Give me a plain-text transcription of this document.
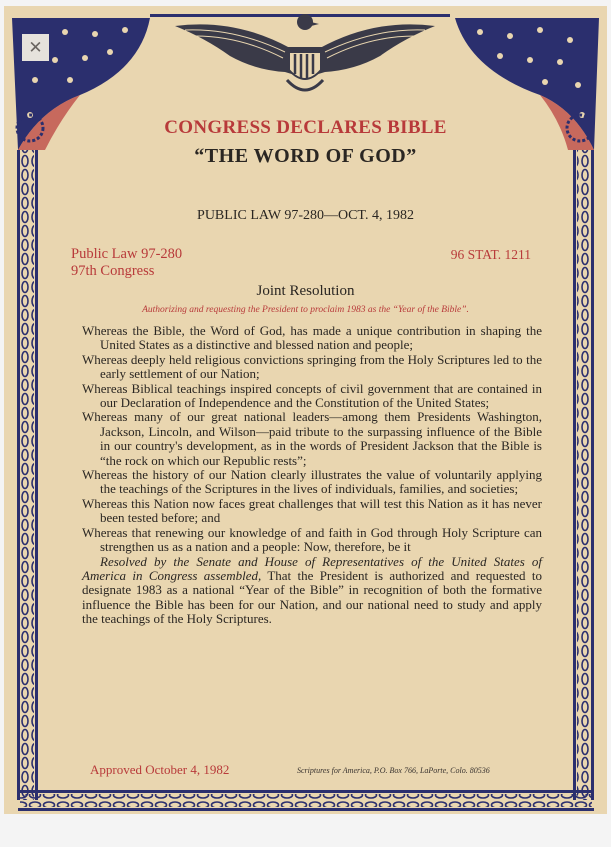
✕
CONGRESS DECLARES BIBLE
“THE WORD OF GOD”
PUBLIC LAW 97-280—OCT. 4, 1982
Public Law 97-280
97th Congress
96 STAT. 1211
Joint Resolution
Authorizing and requesting the President to proclaim 1983 as the “Year of the Bible”.

Whereas the Bible, the Word of God, has made a unique contribution in shaping the United States as a distinctive and blessed nation and people;

Whereas deeply held religious convictions springing from the Holy Scriptures led to the early settlement of our Nation;

Whereas Biblical teachings inspired concepts of civil government that are contained in our Declaration of Independence and the Constitution of the United States;

Whereas many of our great national leaders—among them Presidents Washington, Jackson, Lincoln, and Wilson—paid tribute to the surpassing influence of the Bible in our country's development, as in the words of President Jackson that the Bible is “the rock on which our Republic rests”;

Whereas the history of our Nation clearly illustrates the value of voluntarily applying the teachings of the Scriptures in the lives of individuals, families, and societies;

Whereas this Nation now faces great challenges that will test this Nation as it has never been tested before; and

Whereas that renewing our knowledge of and faith in God through Holy Scripture can strengthen us as a nation and a people: Now, therefore, be it

Resolved by the Senate and House of Representatives of the United States of America in Congress assembled, That the President is authorized and requested to designate 1983 as a national “Year of the Bible” in recognition of both the formative influence the Bible has been for our Nation, and our national need to study and apply the teachings of the Holy Scriptures.

Approved October 4, 1982	Scriptures for America, P.O. Box 766, LaPorte, Colo. 80536
